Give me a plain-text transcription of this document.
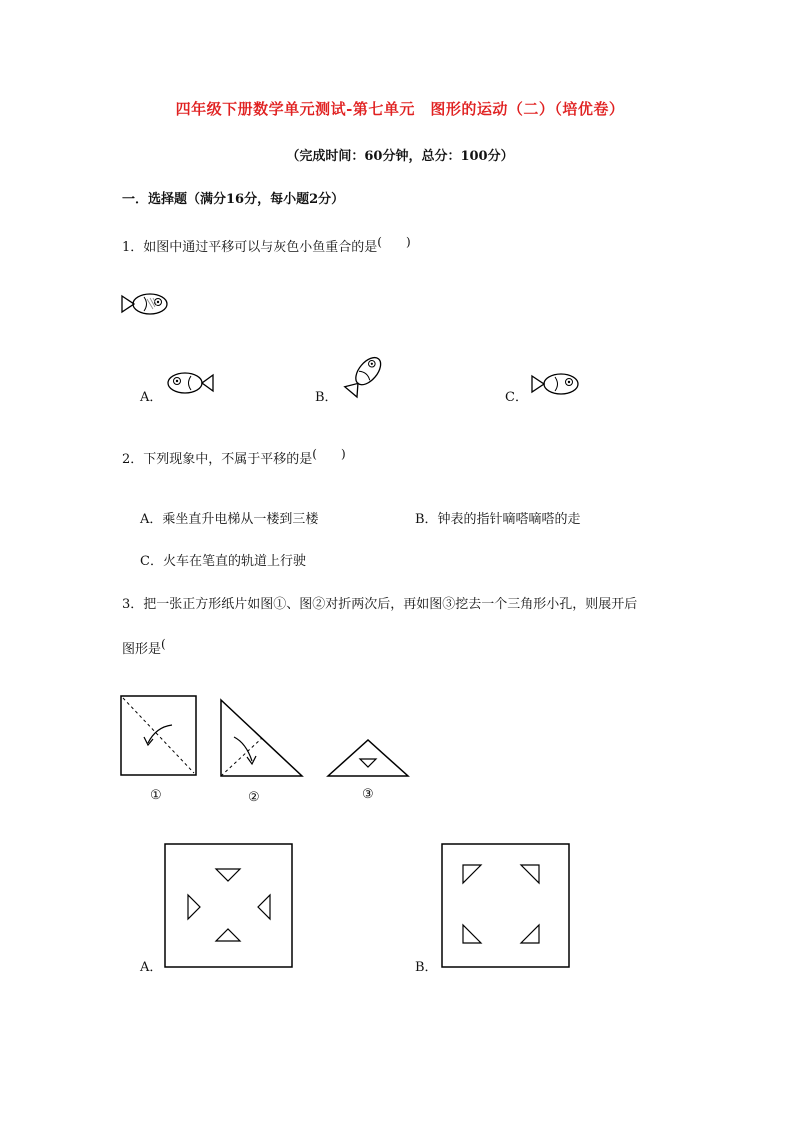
四年级下册数学单元测试-第七单元　图形的运动（二）（培优卷）
（完成时间：60分钟，总分：100分）
一．选择题（满分16分，每小题2分）
1．如图中通过平移可以与灰色小鱼重合的是(　　)
A．	B．	C．
2．下列现象中，不属于平移的是(　　)
A．乘坐直升电梯从一楼到三楼	B．钟表的指针嘀嗒嘀嗒的走
C．火车在笔直的轨道上行驶
3．把一张正方形纸片如图①、图②对折两次后，再如图③挖去一个三角形小孔，则展开后
图形是(
①	②	③
A．	B．
